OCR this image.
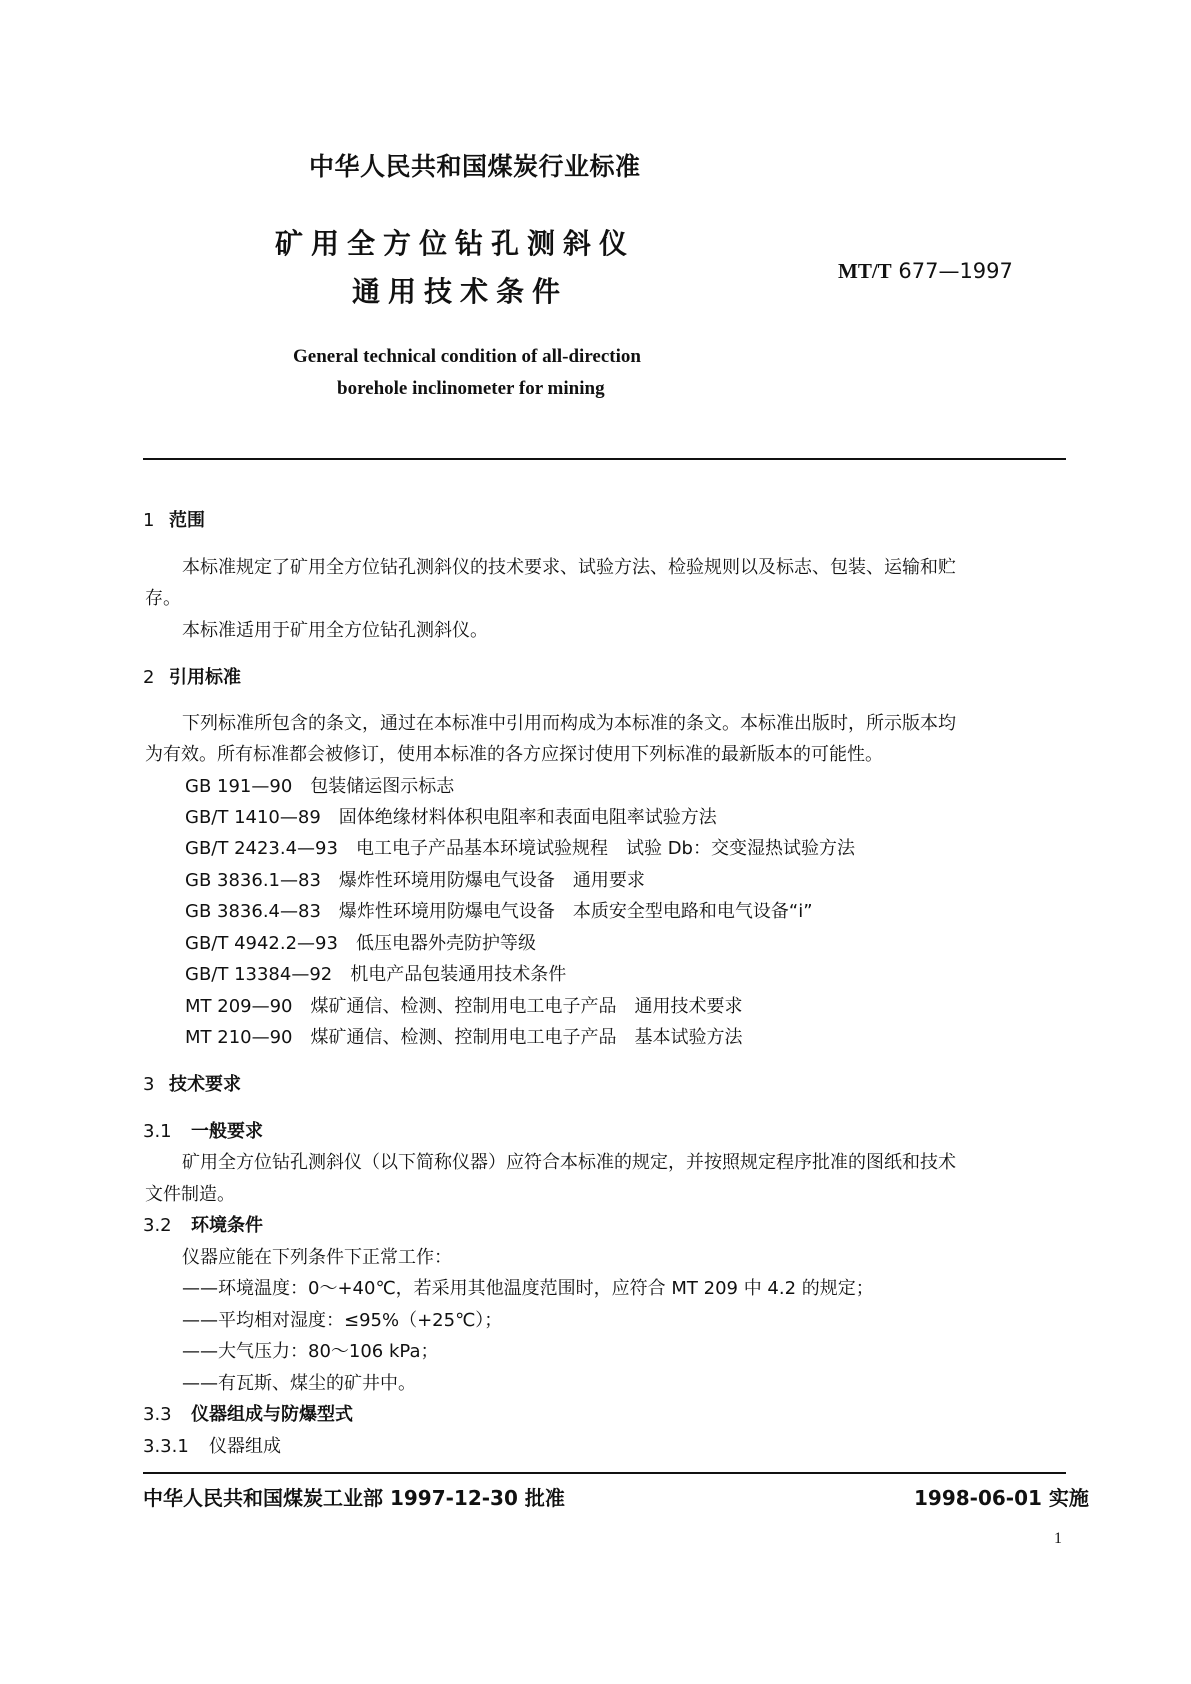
中华人民共和国煤炭行业标准
矿用全方位钻孔测斜仪
通用技术条件
MT/T 677—1997
General technical condition of all-direction
borehole inclinometer for mining
1 范围
本标准规定了矿用全方位钻孔测斜仪的技术要求、试验方法、检验规则以及标志、包装、运输和贮
存。
本标准适用于矿用全方位钻孔测斜仪。
2 引用标准
下列标准所包含的条文，通过在本标准中引用而构成为本标准的条文。本标准出版时，所示版本均
为有效。所有标准都会被修订，使用本标准的各方应探讨使用下列标准的最新版本的可能性。
GB 191—90　 包装储运图示标志
GB/T 1410—89　 固体绝缘材料体积电阻率和表面电阻率试验方法
GB/T 2423.4—93　 电工电子产品基本环境试验规程　试验 Db：交变湿热试验方法
GB 3836.1—83　 爆炸性环境用防爆电气设备　通用要求
GB 3836.4—83　 爆炸性环境用防爆电气设备　本质安全型电路和电气设备“i”
GB/T 4942.2—93　 低压电器外壳防护等级
GB/T 13384—92　 机电产品包装通用技术条件
MT 209—90　 煤矿通信、检测、控制用电工电子产品　通用技术要求
MT 210—90　 煤矿通信、检测、控制用电工电子产品　基本试验方法
3 技术要求
3.1 一般要求
矿用全方位钻孔测斜仪（以下简称仪器）应符合本标准的规定，并按照规定程序批准的图纸和技术
文件制造。
3.2 环境条件
仪器应能在下列条件下正常工作：
——环境温度：0～+40℃，若采用其他温度范围时，应符合 MT 209 中 4.2 的规定；
——平均相对湿度：≤95%（+25℃）；
——大气压力：80～106 kPa；
——有瓦斯、煤尘的矿井中。
3.3 仪器组成与防爆型式
3.3.1 仪器组成
中华人民共和国煤炭工业部 1997-12-30 批准	1998-06-01 实施
1
